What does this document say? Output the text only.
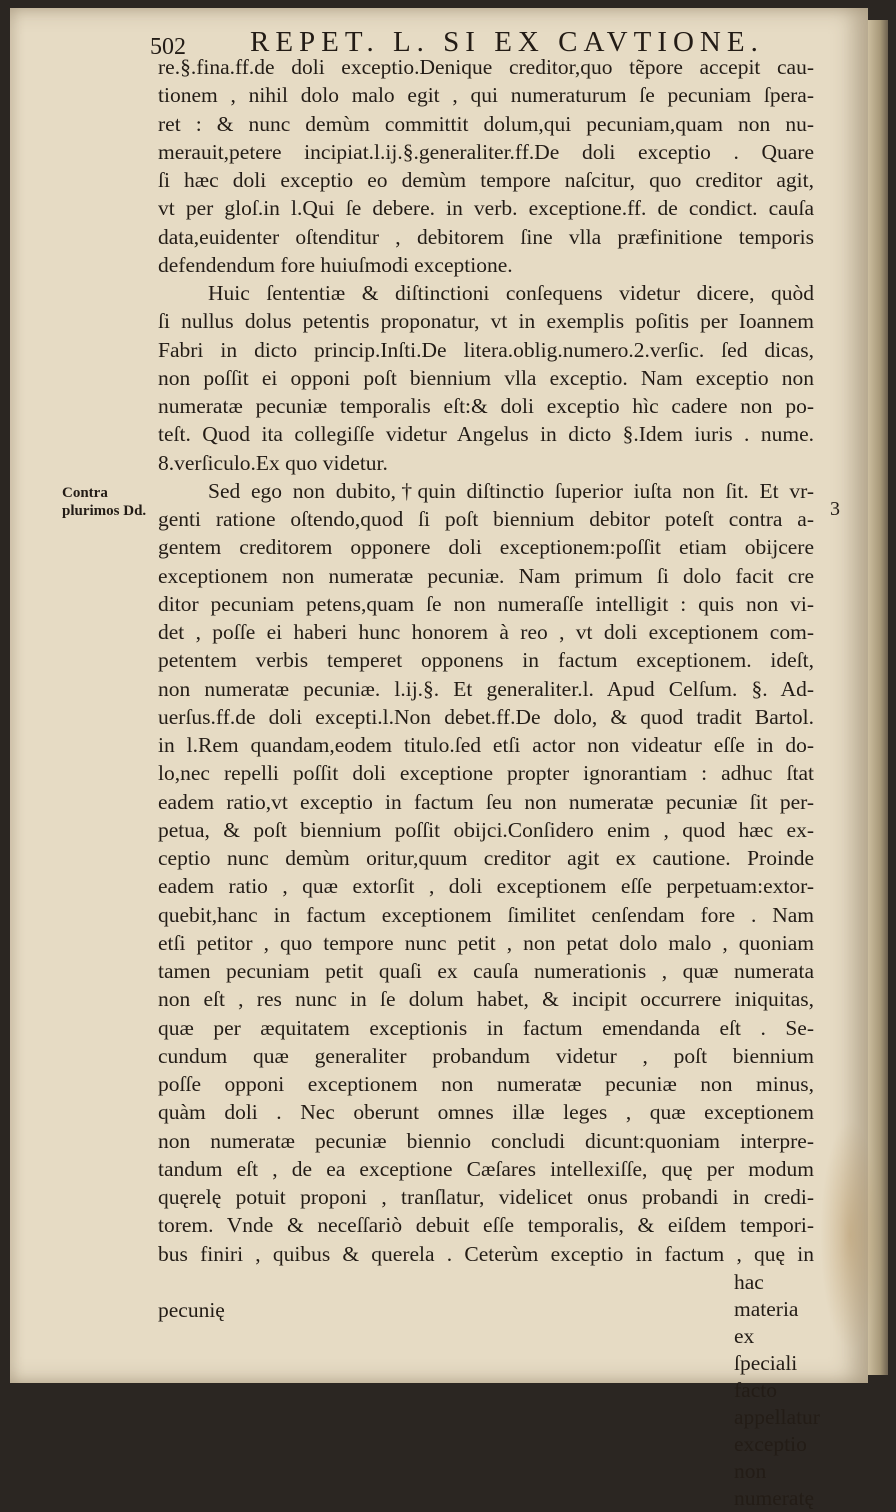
502 REPET. L. SI EX CAVTIONE.
Contra plurimos Dd.	3
re.§.fina.ff.de doli exceptio.Denique creditor,quo tẽpore accepit cau-
tionem , nihil dolo malo egit , qui numeraturum ſe pecuniam ſpera-
ret : & nunc demùm committit dolum,qui pecuniam,quam non nu-
merauit,petere incipiat.l.ij.§.generaliter.ff.De doli exceptio . Quare
ſi hæc doli exceptio eo demùm tempore naſcitur, quo creditor agit,
vt per gloſ.in l.Qui ſe debere. in verb. exceptione.ff. de condict. cauſa
data,euidenter oſtenditur , debitorem ſine vlla præfinitione temporis
defendendum fore huiuſmodi exceptione.
Huic ſententiæ & diſtinctioni conſequens videtur dicere, quòd
ſi nullus dolus petentis proponatur, vt in exemplis poſitis per Ioannem
Fabri in dicto princip.Inſti.De litera.oblig.numero.2.verſic. ſed dicas,
non poſſit ei opponi poſt biennium vlla exceptio. Nam exceptio non
numeratæ pecuniæ temporalis eſt:& doli exceptio hìc cadere non po-
teſt. Quod ita collegiſſe videtur Angelus in dicto §.Idem iuris . nume.
8.verſiculo.Ex quo videtur.
Sed ego non dubito,†quin diſtinctio ſuperior iuſta non ſit. Et vr-
genti ratione oſtendo,quod ſi poſt biennium debitor poteſt contra a-
gentem creditorem opponere doli exceptionem:poſſit etiam obijcere
exceptionem non numeratæ pecuniæ. Nam primum ſi dolo facit cre
ditor pecuniam petens,quam ſe non numeraſſe intelligit : quis non vi-
det , poſſe ei haberi hunc honorem à reo , vt doli exceptionem com-
petentem verbis temperet opponens in factum exceptionem. ideſt,
non numeratæ pecuniæ. l.ij.§. Et generaliter.l. Apud Celſum. §. Ad-
uerſus.ff.de doli excepti.l.Non debet.ff.De dolo, & quod tradit Bartol.
in l.Rem quandam,eodem titulo.ſed etſi actor non videatur eſſe in do-
lo,nec repelli poſſit doli exceptione propter ignorantiam : adhuc ſtat
eadem ratio,vt exceptio in factum ſeu non numeratæ pecuniæ ſit per-
petua, & poſt biennium poſſit obijci.Conſidero enim , quod hæc ex-
ceptio nunc demùm oritur,quum creditor agit ex cautione. Proinde
eadem ratio , quæ extorſit , doli exceptionem eſſe perpetuam:extor-
quebit,hanc in factum exceptionem ſimilitet cenſendam fore . Nam
etſi petitor , quo tempore nunc petit , non petat dolo malo , quoniam
tamen pecuniam petit quaſi ex cauſa numerationis , quæ numerata
non eſt , res nunc in ſe dolum habet, & incipit occurrere iniquitas,
quæ per æquitatem exceptionis in factum emendanda eſt . Se-
cundum quæ generaliter probandum videtur , poſt biennium
poſſe opponi exceptionem non numeratæ pecuniæ non minus,
quàm doli . Nec oberunt omnes illæ leges , quæ exceptionem
non numeratæ pecuniæ biennio concludi dicunt:quoniam interpre-
tandum eſt , de ea exceptione Cæſares intellexiſſe, quę per modum
quęrelę potuit proponi , tranſlatur, videlicet onus probandi in credi-
torem. Vnde & neceſſariò debuit eſſe temporalis, & eiſdem tempori-
bus finiri , quibus & querela . Ceterùm exceptio in factum , quę in
hac materia ex ſpeciali facto appellatur exceptio non numeratę
pecunię
